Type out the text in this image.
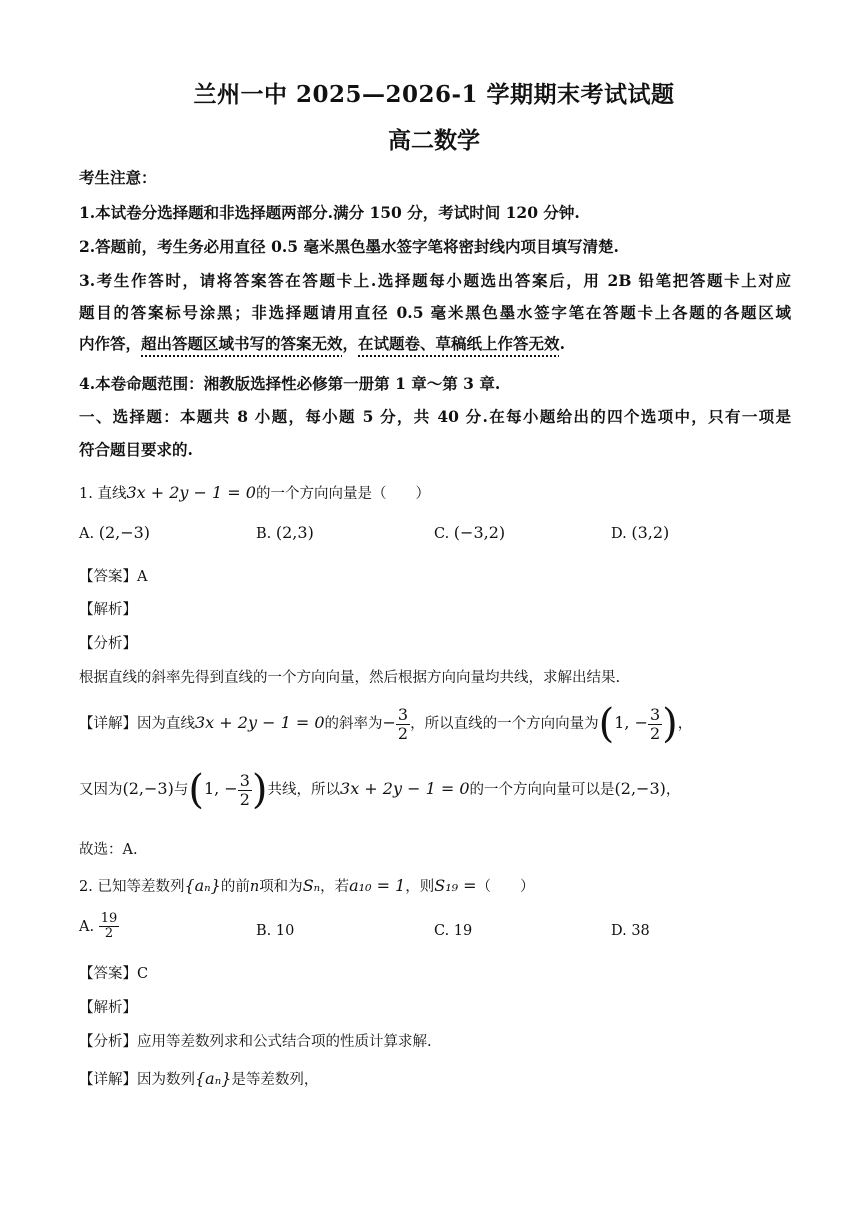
兰州一中 2025—2026-1 学期期末考试试题
高二数学
考生注意：
1.本试卷分选择题和非选择题两部分.满分 150 分，考试时间 120 分钟.
2.答题前，考生务必用直径 0.5 毫米黑色墨水签字笔将密封线内项目填写清楚.
3.考生作答时，请将答案答在答题卡上.选择题每小题选出答案后，用 2B 铅笔把答题卡上对应
题目的答案标号涂黑；非选择题请用直径 0.5 毫米黑色墨水签字笔在答题卡上各题的各题区域
内作答，超出答题区域书写的答案无效，在试题卷、草稿纸上作答无效.
4.本卷命题范围：湘教版选择性必修第一册第 1 章～第 3 章.
一、选择题：本题共 8 小题，每小题 5 分，共 40 分.在每小题给出的四个选项中，只有一项是
符合题目要求的.
1. 直线3x + 2y − 1 = 0的一个方向向量是（　　）
A. (2,−3)	B. (2,3)	C. (−3,2)	D. (3,2)
【答案】A
【解析】
【分析】
根据直线的斜率先得到直线的一个方向向量，然后根据方向向量均共线，求解出结果.
【详解】因为直线3x + 2y − 1 = 0的斜率为− $\frac{3}{2}$ ，所以直线的一个方向向量为(1, − $\frac{3}{2}$ )，
又因为(2,−3)与(1, − $\frac{3}{2}$ )共线，所以3x + 2y − 1 = 0的一个方向向量可以是(2,−3)，
故选：A.
2. 已知等差数列{aₙ}的前n项和为Sₙ，若a₁₀ = 1，则S₁₉ =（　　）
A. $\frac{19}{2}$	B. 10	C. 19	D. 38
【答案】C
【解析】
【分析】应用等差数列求和公式结合项的性质计算求解.
【详解】因为数列{aₙ}是等差数列，
